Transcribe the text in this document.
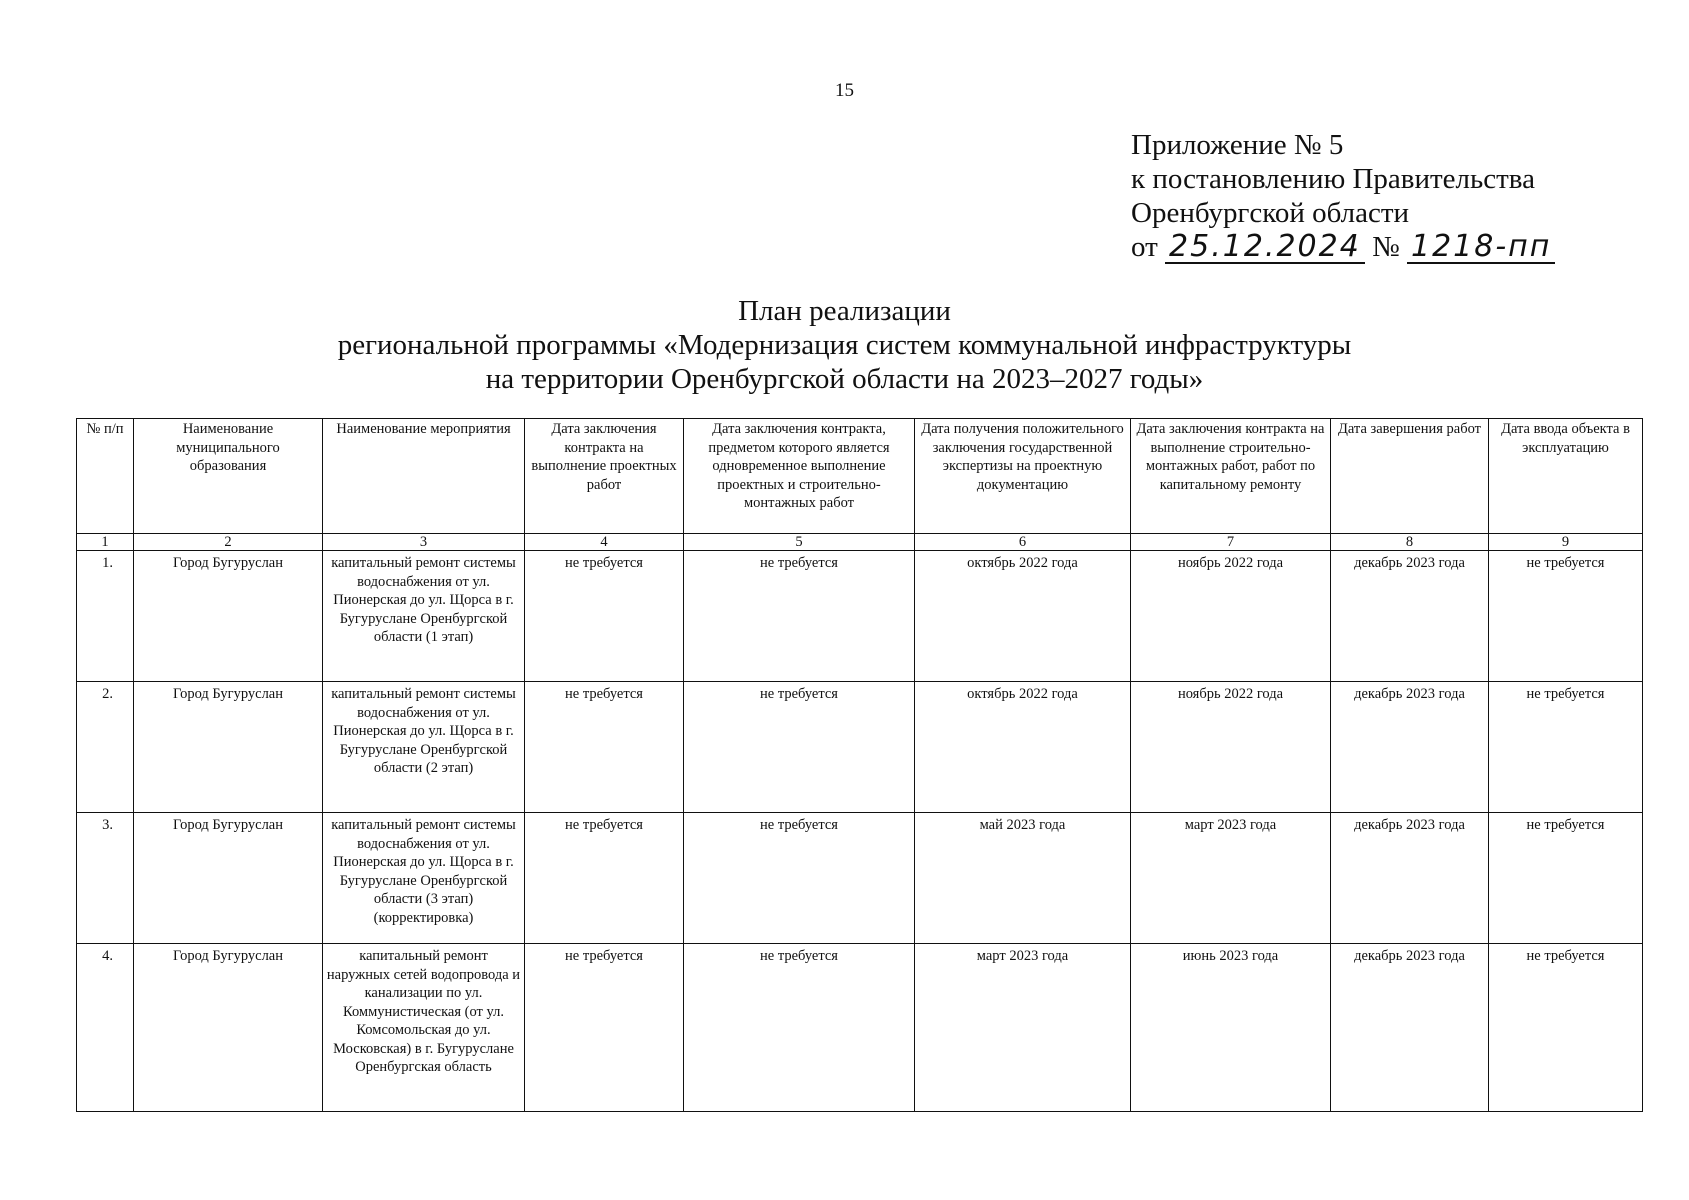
15
Приложение № 5
к постановлению Правительства
Оренбургской области
от 25.12.2024 № 1218-пп
План реализации
региональной программы «Модернизация систем коммунальной инфраструктуры
на территории Оренбургской области на 2023–2027 годы»
№ п/п	Наименование муниципального образования	Наименование мероприятия	Дата заключения контракта на выполнение проектных работ	Дата заключения контракта, предметом которого является одновременное выполнение проектных и строительно-монтажных работ	Дата получения положительного заключения государственной экспертизы на проектную документацию	Дата заключения контракта на выполнение строительно-монтажных работ, работ по капитальному ремонту	Дата завершения работ	Дата ввода объекта в эксплуатацию
1	2	3	4	5	6	7	8	9
1.	Город Бугуруслан	капитальный ремонт системы водоснабжения от ул. Пионерская до ул. Щорса в г. Бугуруслане Оренбургской области (1 этап)	не требуется	не требуется	октябрь 2022 года	ноябрь 2022 года	декабрь 2023 года	не требуется
2.	Город Бугуруслан	капитальный ремонт системы водоснабжения от ул. Пионерская до ул. Щорса в г. Бугуруслане Оренбургской области (2 этап)	не требуется	не требуется	октябрь 2022 года	ноябрь 2022 года	декабрь 2023 года	не требуется
3.	Город Бугуруслан	капитальный ремонт системы водоснабжения от ул. Пионерская до ул. Щорса в г. Бугуруслане Оренбургской области (3 этап) (корректировка)	не требуется	не требуется	май 2023 года	март 2023 года	декабрь 2023 года	не требуется
4.	Город Бугуруслан	капитальный ремонт наружных сетей водопровода и канализации по ул. Коммунистическая (от ул. Комсомольская до ул. Московская) в г. Бугуруслане Оренбургская область	не требуется	не требуется	март 2023 года	июнь 2023 года	декабрь 2023 года	не требуется
